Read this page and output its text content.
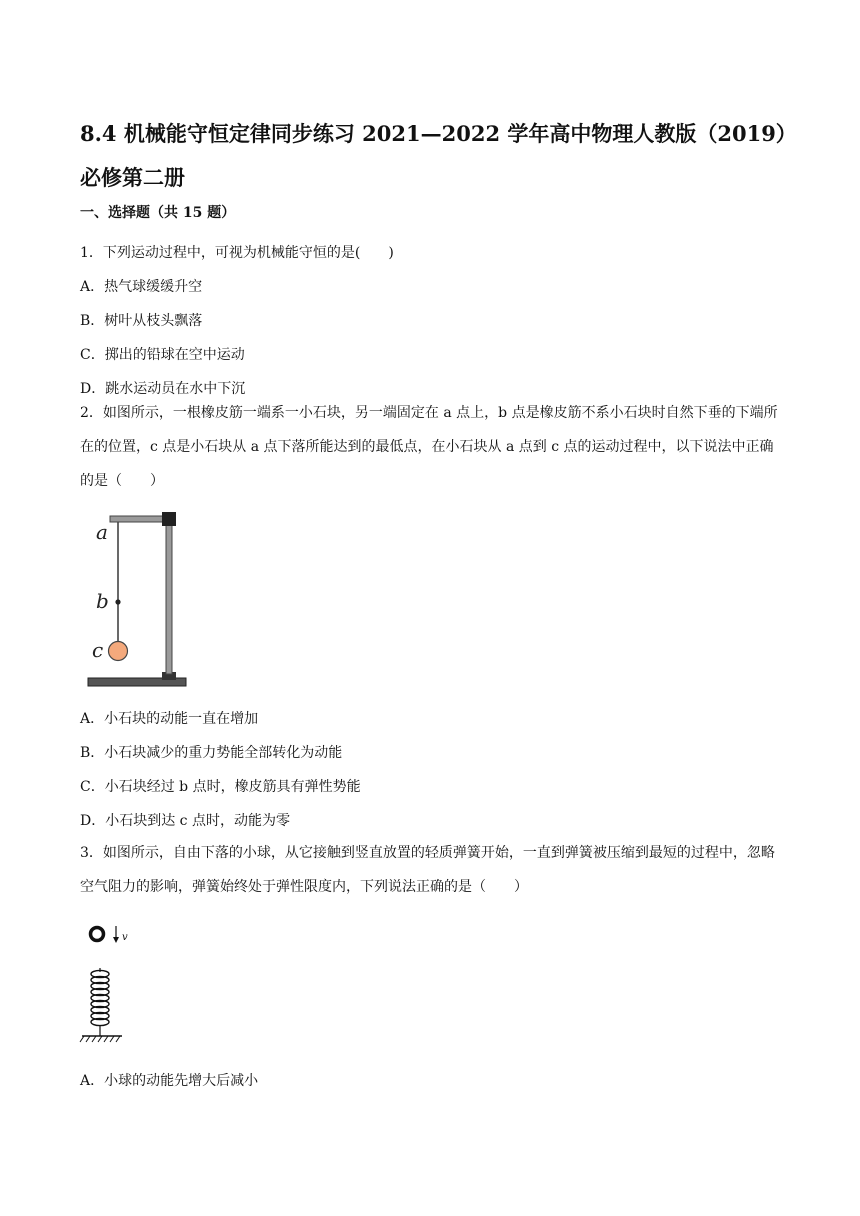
8.4 机械能守恒定律同步练习 2021—2022 学年高中物理人教版（2019）必修第二册
一、选择题（共 15 题）
1．下列运动过程中，可视为机械能守恒的是(　　)
A．热气球缓缓升空
B．树叶从枝头飘落
C．掷出的铅球在空中运动
D．跳水运动员在水中下沉
2．如图所示，一根橡皮筋一端系一小石块，另一端固定在 a 点上，b 点是橡皮筋不系小石块时自然下垂的下端所在的位置，c 点是小石块从 a 点下落所能达到的最低点，在小石块从 a 点到 c 点的运动过程中，以下说法中正确的是（　　）
a
b
c
A．小石块的动能一直在增加
B．小石块减少的重力势能全部转化为动能
C．小石块经过 b 点时，橡皮筋具有弹性势能
D．小石块到达 c 点时，动能为零
3．如图所示，自由下落的小球，从它接触到竖直放置的轻质弹簧开始，一直到弹簧被压缩到最短的过程中，忽略空气阻力的影响，弹簧始终处于弹性限度内，下列说法正确的是（　　）
v
A．小球的动能先增大后减小
